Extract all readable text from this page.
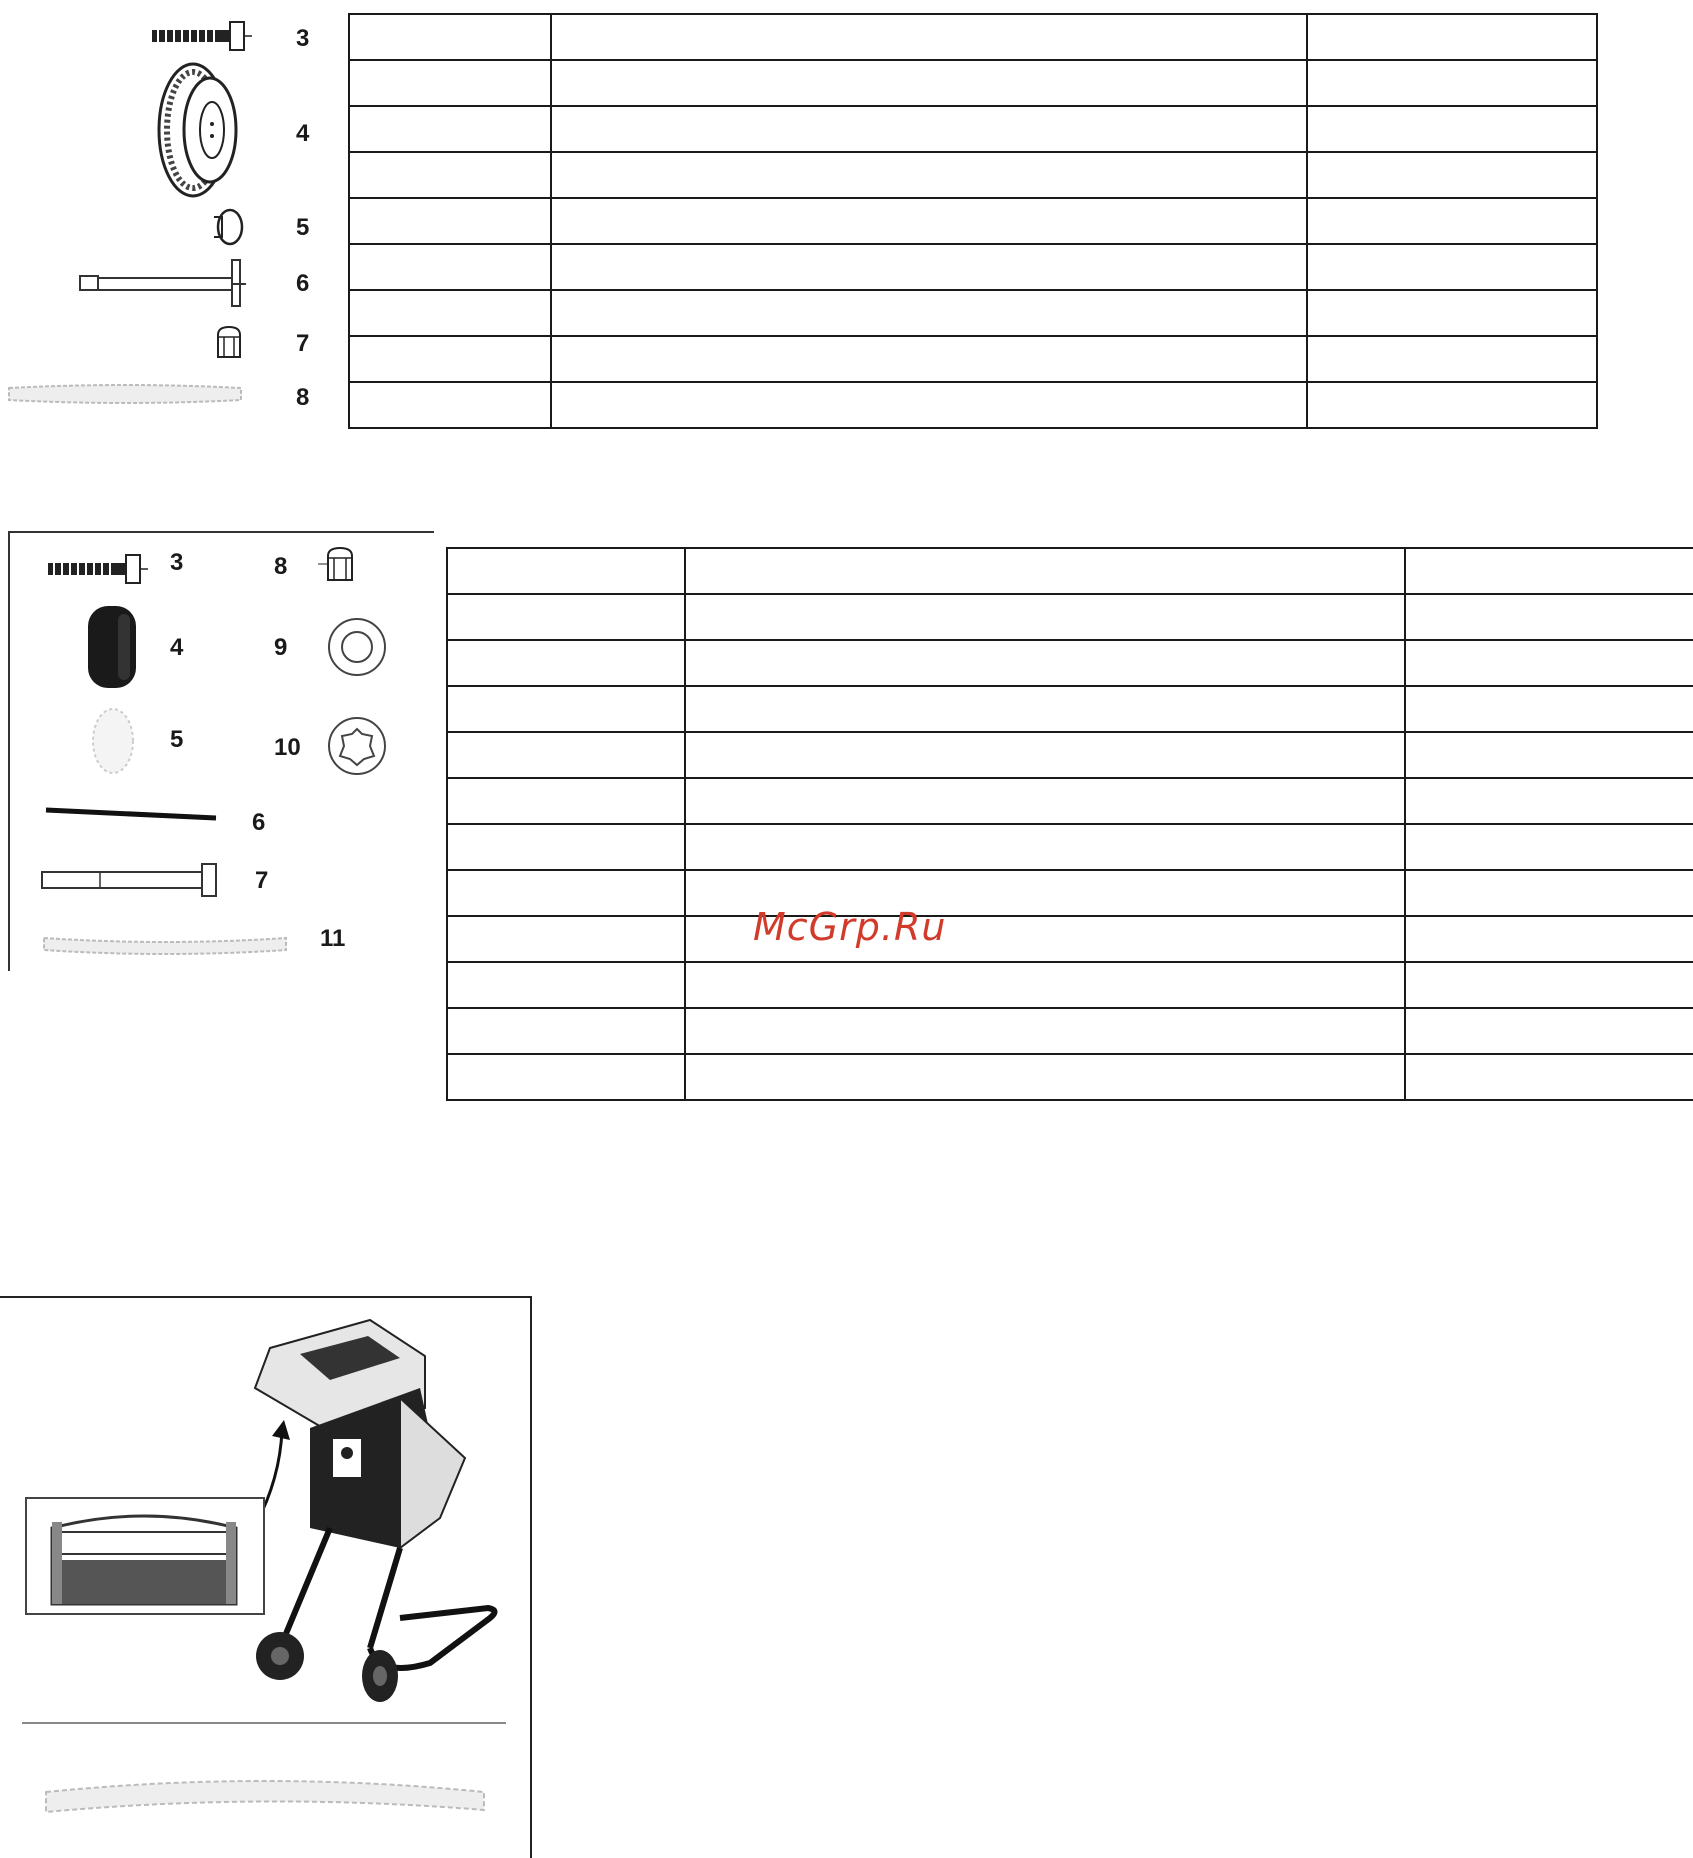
3
4
5
6
7
8

3
4
5
6
7
8
9
10
11

			McGrp.Ru
